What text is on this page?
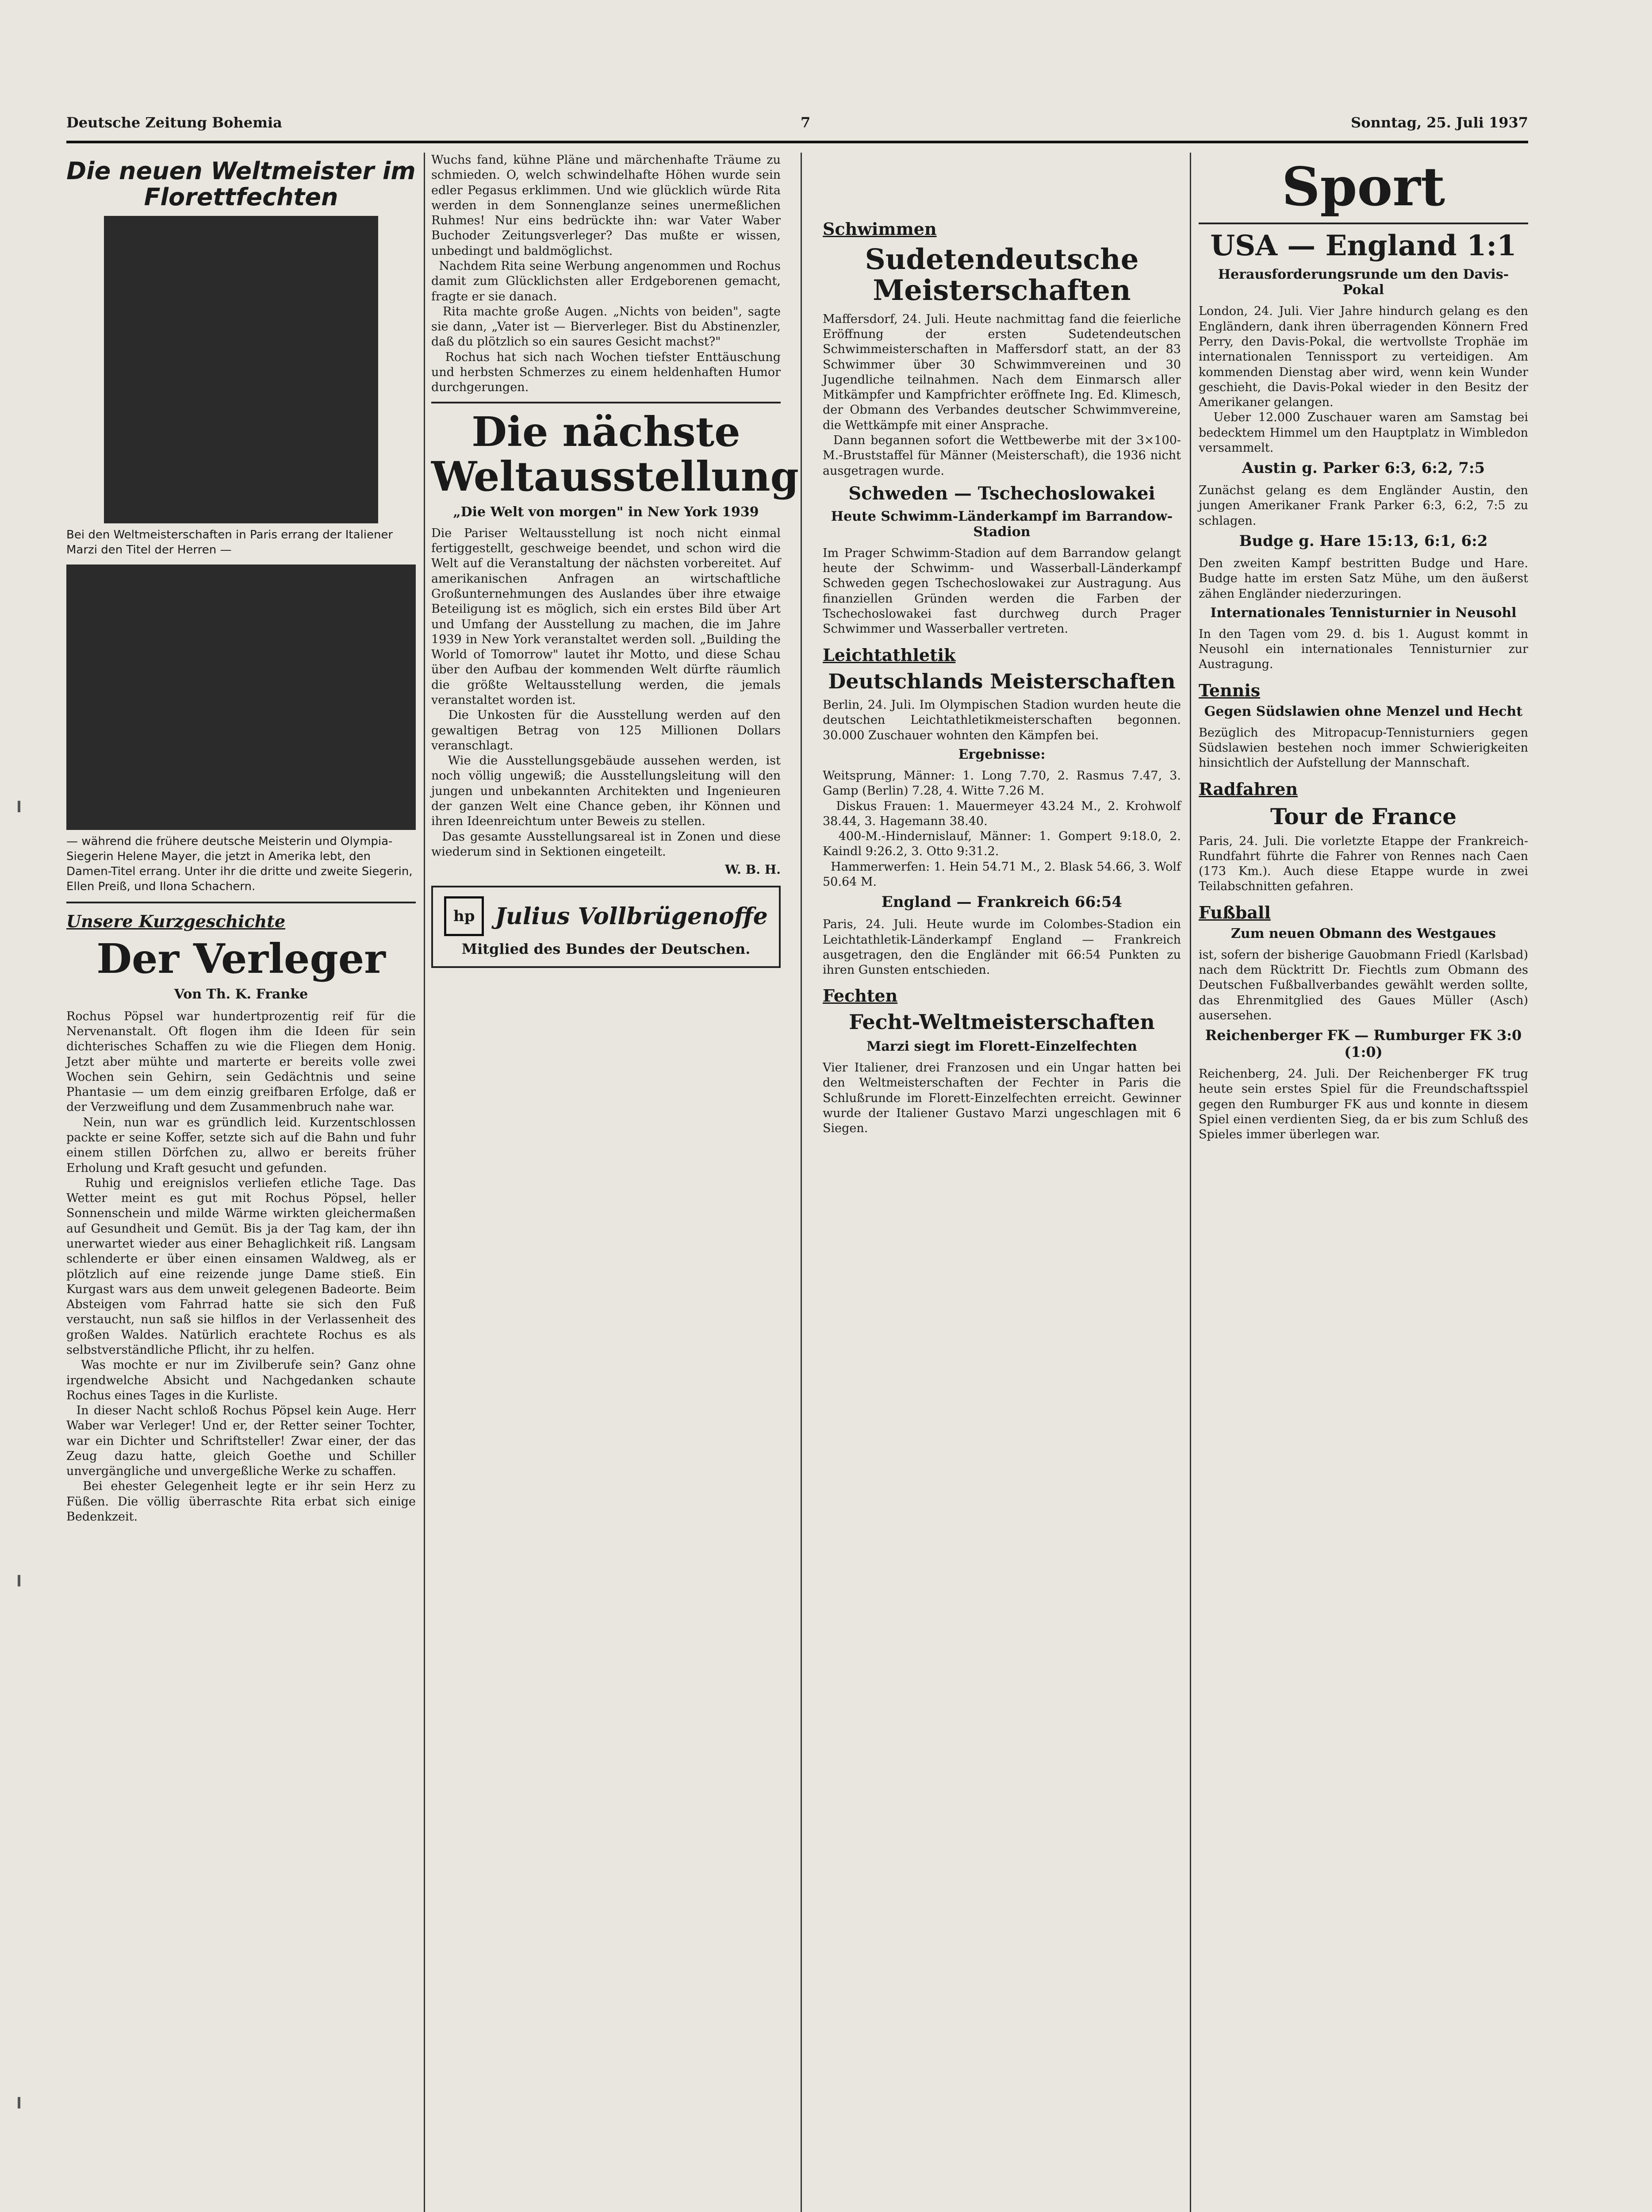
Deutsche Zeitung Bohemia	7	Sonntag, 25. Juli 1937
Die neuen Weltmeister im Florettfechten
Bei den Weltmeisterschaften in Paris errang der Italiener Marzi den Titel der Herren —
— während die frühere deutsche Meisterin und Olympia-Siegerin Helene Mayer, die jetzt in Amerika lebt, den Damen-Titel errang. Unter ihr die dritte und zweite Siegerin, Ellen Preiß, und Ilona Schachern.
Unsere Kurzgeschichte
Der Verleger
Von Th. K. Franke

Rochus Pöpsel war hundertprozentig reif für die Nervenanstalt. Oft flogen ihm die Ideen für sein dichterisches Schaffen zu wie die Fliegen dem Honig. Jetzt aber mühte und marterte er bereits volle zwei Wochen sein Gehirn, sein Gedächtnis und seine Phantasie — um dem einzig greifbaren Erfolge, daß er der Verzweiflung und dem Zusammenbruch nahe war.
Nein, nun war es gründlich leid. Kurzentschlossen packte er seine Koffer, setzte sich auf die Bahn und fuhr einem stillen Dörfchen zu, allwo er bereits früher Erholung und Kraft gesucht und gefunden.
Ruhig und ereignislos verliefen etliche Tage. Das Wetter meint es gut mit Rochus Pöpsel, heller Sonnenschein und milde Wärme wirkten gleichermaßen auf Gesundheit und Gemüt. Bis ja der Tag kam, der ihn unerwartet wieder aus einer Behaglichkeit riß. Langsam schlenderte er über einen einsamen Waldweg, als er plötzlich auf eine reizende junge Dame stieß. Ein Kurgast wars aus dem unweit gelegenen Badeorte. Beim Absteigen vom Fahrrad hatte sie sich den Fuß verstaucht, nun saß sie hilflos in der Verlassenheit des großen Waldes. Natürlich erachtete Rochus es als selbstverständliche Pflicht, ihr zu helfen.
Was mochte er nur im Zivilberufe sein? Ganz ohne irgendwelche Absicht und Nachgedanken schaute Rochus eines Tages in die Kurliste.
In dieser Nacht schloß Rochus Pöpsel kein Auge. Herr Waber war Verleger! Und er, der Retter seiner Tochter, war ein Dichter und Schriftsteller! Zwar einer, der das Zeug dazu hatte, gleich Goethe und Schiller unvergängliche und unvergeßliche Werke zu schaffen.
Bei ehester Gelegenheit legte er ihr sein Herz zu Füßen. Die völlig überraschte Rita erbat sich einige Bedenkzeit.

Wuchs fand, kühne Pläne und märchenhafte Träume zu schmieden. O, welch schwindelhafte Höhen wurde sein edler Pegasus erklimmen. Und wie glücklich würde Rita werden in dem Sonnenglanze seines unermeßlichen Ruhmes! Nur eins bedrückte ihn: war Vater Waber Buchoder Zeitungsverleger? Das mußte er wissen, unbedingt und baldmöglichst.
Nachdem Rita seine Werbung angenommen und Rochus damit zum Glücklichsten aller Erdgeborenen gemacht, fragte er sie danach.
Rita machte große Augen. „Nichts von beiden", sagte sie dann, „Vater ist — Bierverleger. Bist du Abstinenzler, daß du plötzlich so ein saures Gesicht machst?"
Rochus hat sich nach Wochen tiefster Enttäuschung und herbsten Schmerzes zu einem heldenhaften Humor durchgerungen.

Die nächste Weltausstellung
„Die Welt von morgen" in New York 1939

Die Pariser Weltausstellung ist noch nicht einmal fertiggestellt, geschweige beendet, und schon wird die Welt auf die Veranstaltung der nächsten vorbereitet. Auf amerikanischen Anfragen an wirtschaftliche Großunternehmungen des Auslandes über ihre etwaige Beteiligung ist es möglich, sich ein erstes Bild über Art und Umfang der Ausstellung zu machen, die im Jahre 1939 in New York veranstaltet werden soll. „Building the World of Tomorrow" lautet ihr Motto, und diese Schau über den Aufbau der kommenden Welt dürfte räumlich die größte Weltausstellung werden, die jemals veranstaltet worden ist.
Die Unkosten für die Ausstellung werden auf den gewaltigen Betrag von 125 Millionen Dollars veranschlagt.
Wie die Ausstellungsgebäude aussehen werden, ist noch völlig ungewiß; die Ausstellungsleitung will den jungen und unbekannten Architekten und Ingenieuren der ganzen Welt eine Chance geben, ihr Können und ihren Ideenreichtum unter Beweis zu stellen.
Das gesamte Ausstellungsareal ist in Zonen und diese wiederum sind in Sektionen eingeteilt.

W. B. H.
hp Julius Vollbrügenoffe
Mitglied des Bundes der Deutschen.
Schwimmen
Sudetendeutsche Meisterschaften

Maffersdorf, 24. Juli. Heute nachmittag fand die feierliche Eröffnung der ersten Sudetendeutschen Schwimmeisterschaften in Maffersdorf statt, an der 83 Schwimmer über 30 Schwimmvereinen und 30 Jugendliche teilnahmen. Nach dem Einmarsch aller Mitkämpfer und Kampfrichter eröffnete Ing. Ed. Klimesch, der Obmann des Verbandes deutscher Schwimmvereine, die Wettkämpfe mit einer Ansprache.
Dann begannen sofort die Wettbewerbe mit der 3×100-M.-Bruststaffel für Männer (Meisterschaft), die 1936 nicht ausgetragen wurde.

Schweden — Tschechoslowakei
Heute Schwimm-Länderkampf im Barrandow-Stadion

Im Prager Schwimm-Stadion auf dem Barrandow gelangt heute der Schwimm- und Wasserball-Länderkampf Schweden gegen Tschechoslowakei zur Austragung. Aus finanziellen Gründen werden die Farben der Tschechoslowakei fast durchweg durch Prager Schwimmer und Wasserballer vertreten.

Leichtathletik
Deutschlands Meisterschaften

Berlin, 24. Juli. Im Olympischen Stadion wurden heute die deutschen Leichtathletikmeisterschaften begonnen. 30.000 Zuschauer wohnten den Kämpfen bei.

Ergebnisse:

Weitsprung, Männer: 1. Long 7.70, 2. Rasmus 7.47, 3. Gamp (Berlin) 7.28, 4. Witte 7.26 M.
Diskus Frauen: 1. Mauermeyer 43.24 M., 2. Krohwolf 38.44, 3. Hagemann 38.40.
400-M.-Hindernislauf, Männer: 1. Gompert 9:18.0, 2. Kaindl 9:26.2, 3. Otto 9:31.2.
Hammerwerfen: 1. Hein 54.71 M., 2. Blask 54.66, 3. Wolf 50.64 M.

England — Frankreich 66:54

Paris, 24. Juli. Heute wurde im Colombes-Stadion ein Leichtathletik-Länderkampf England — Frankreich ausgetragen, den die Engländer mit 66:54 Punkten zu ihren Gunsten entschieden.

Fechten
Fecht-Weltmeisterschaften
Marzi siegt im Florett-Einzelfechten

Vier Italiener, drei Franzosen und ein Ungar hatten bei den Weltmeisterschaften der Fechter in Paris die Schlußrunde im Florett-Einzelfechten erreicht. Gewinner wurde der Italiener Gustavo Marzi ungeschlagen mit 6 Siegen.

Sport
USA — England 1:1
Herausforderungsrunde um den Davis-Pokal

London, 24. Juli. Vier Jahre hindurch gelang es den Engländern, dank ihren überragenden Könnern Fred Perry, den Davis-Pokal, die wertvollste Trophäe im internationalen Tennissport zu verteidigen. Am kommenden Dienstag aber wird, wenn kein Wunder geschieht, die Davis-Pokal wieder in den Besitz der Amerikaner gelangen.
Ueber 12.000 Zuschauer waren am Samstag bei bedecktem Himmel um den Hauptplatz in Wimbledon versammelt.

Austin g. Parker 6:3, 6:2, 7:5

Zunächst gelang es dem Engländer Austin, den jungen Amerikaner Frank Parker 6:3, 6:2, 7:5 zu schlagen.

Budge g. Hare 15:13, 6:1, 6:2

Den zweiten Kampf bestritten Budge und Hare. Budge hatte im ersten Satz Mühe, um den äußerst zähen Engländer niederzuringen.

Internationales Tennisturnier in Neusohl

In den Tagen vom 29. d. bis 1. August kommt in Neusohl ein internationales Tennisturnier zur Austragung.

Tennis
Gegen Südslawien ohne Menzel und Hecht

Bezüglich des Mitropacup-Tennisturniers gegen Südslawien bestehen noch immer Schwierigkeiten hinsichtlich der Aufstellung der Mannschaft.

Radfahren
Tour de France

Paris, 24. Juli. Die vorletzte Etappe der Frankreich-Rundfahrt führte die Fahrer von Rennes nach Caen (173 Km.). Auch diese Etappe wurde in zwei Teilabschnitten gefahren.

Fußball
Zum neuen Obmann des Westgaues

ist, sofern der bisherige Gauobmann Friedl (Karlsbad) nach dem Rücktritt Dr. Fiechtls zum Obmann des Deutschen Fußballverbandes gewählt werden sollte, das Ehrenmitglied des Gaues Müller (Asch) ausersehen.

Reichenberger FK — Rumburger FK 3:0 (1:0)

Reichenberg, 24. Juli. Der Reichenberger FK trug heute sein erstes Spiel für die Freundschaftsspiel gegen den Rumburger FK aus und konnte in diesem Spiel einen verdienten Sieg, da er bis zum Schluß des Spieles immer überlegen war.
